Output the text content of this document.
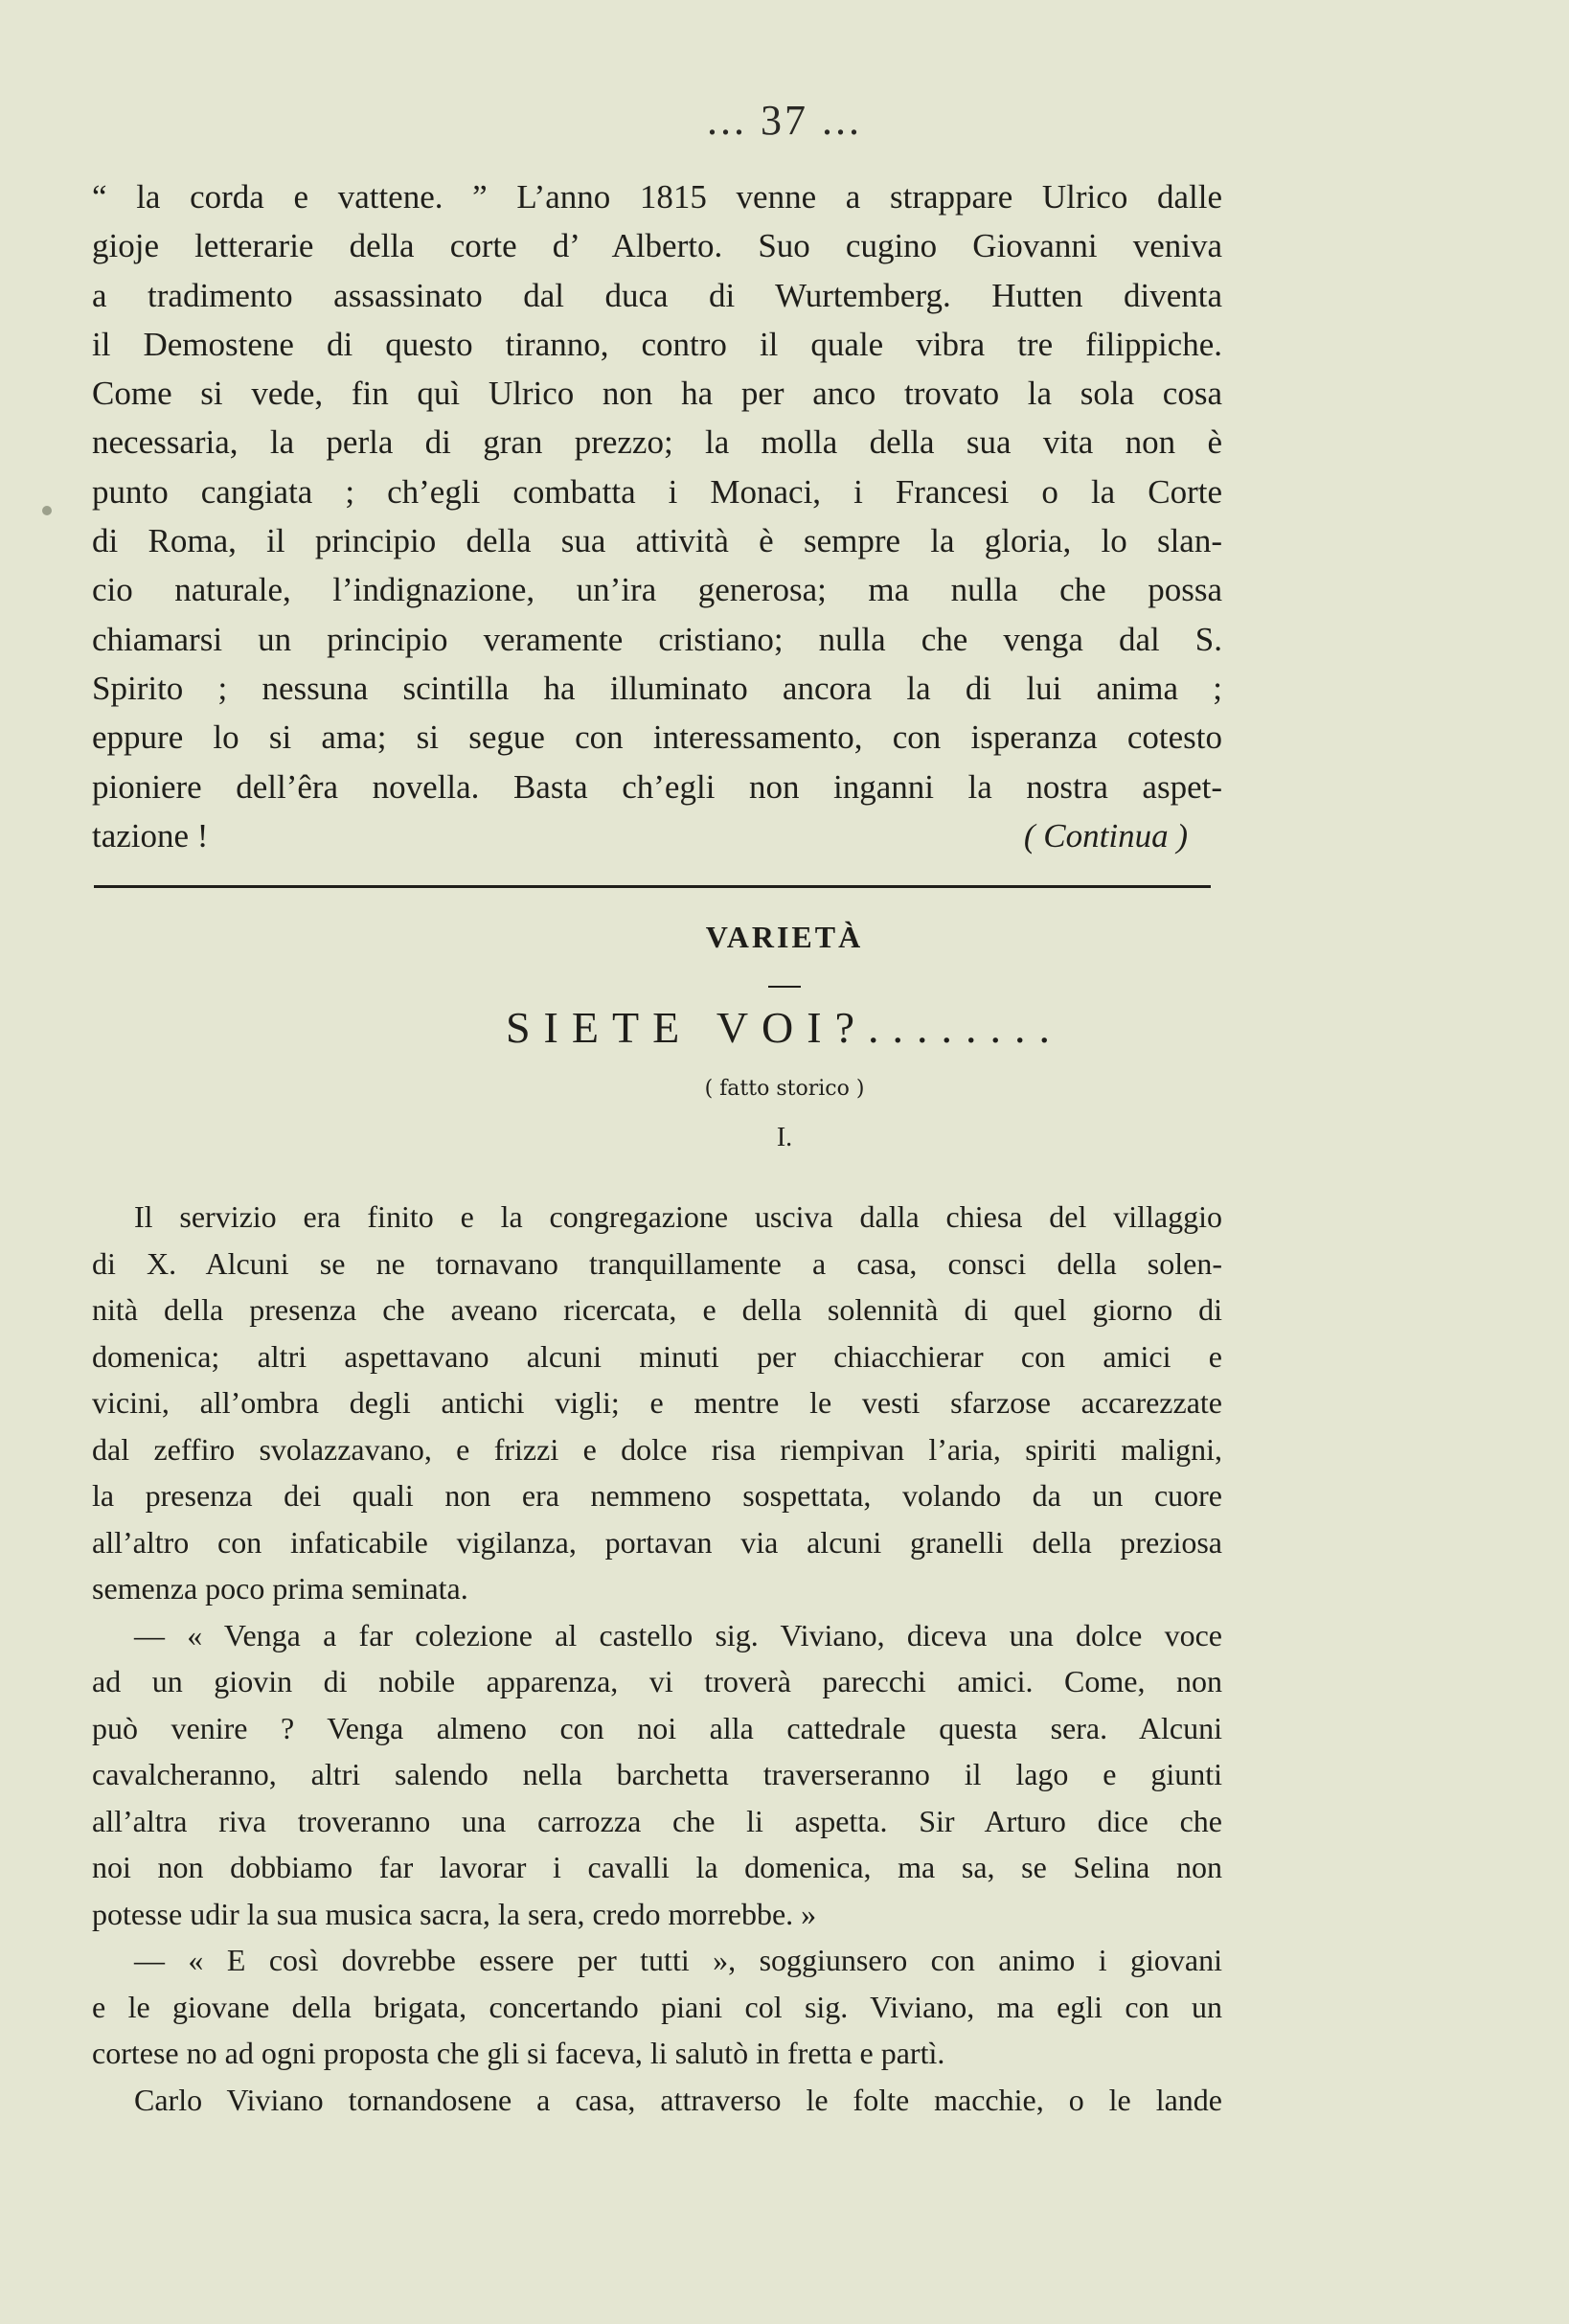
... 37 ...
“ la corda e vattene. ” L’anno 1815 venne a strappare Ulrico dalle
gioje letterarie della corte d’ Alberto. Suo cugino Giovanni veniva
a tradimento assassinato dal duca di Wurtemberg. Hutten diventa
il Demostene di questo tiranno, contro il quale vibra tre filippiche.
Come si vede, fin quì Ulrico non ha per anco trovato la sola cosa
necessaria, la perla di gran prezzo; la molla della sua vita non è
punto cangiata ; ch’egli combatta i Monaci, i Francesi o la Corte
di Roma, il principio della sua attività è sempre la gloria, lo slan-
cio naturale, l’indignazione, un’ira generosa; ma nulla che possa
chiamarsi un principio veramente cristiano; nulla che venga dal S.
Spirito ; nessuna scintilla ha illuminato ancora la di lui anima ;
eppure lo si ama; si segue con interessamento, con isperanza cotesto
pioniere dell’êra novella. Basta ch’egli non inganni la nostra aspet-
tazione !	( Continua )
VARIETÀ
SIETE VOI?........
( fatto storico )
I.
Il servizio era finito e la congregazione usciva dalla chiesa del villaggio
di X. Alcuni se ne tornavano tranquillamente a casa, consci della solen-
nità della presenza che aveano ricercata, e della solennità di quel giorno di
domenica; altri aspettavano alcuni minuti per chiacchierar con amici e
vicini, all’ombra degli antichi vigli; e mentre le vesti sfarzose accarezzate
dal zeffiro svolazzavano, e frizzi e dolce risa riempivan l’aria, spiriti maligni,
la presenza dei quali non era nemmeno sospettata, volando da un cuore
all’altro con infaticabile vigilanza, portavan via alcuni granelli della preziosa
semenza poco prima seminata.
— « Venga a far colezione al castello sig. Viviano, diceva una dolce voce
ad un giovin di nobile apparenza, vi troverà parecchi amici. Come, non
può venire ? Venga almeno con noi alla cattedrale questa sera. Alcuni
cavalcheranno, altri salendo nella barchetta traverseranno il lago e giunti
all’altra riva troveranno una carrozza che li aspetta. Sir Arturo dice che
noi non dobbiamo far lavorar i cavalli la domenica, ma sa, se Selina non
potesse udir la sua musica sacra, la sera, credo morrebbe. »
— « E così dovrebbe essere per tutti », soggiunsero con animo i giovani
e le giovane della brigata, concertando piani col sig. Viviano, ma egli con un
cortese no ad ogni proposta che gli si faceva, li salutò in fretta e partì.
Carlo Viviano tornandosene a casa, attraverso le folte macchie, o le lande
